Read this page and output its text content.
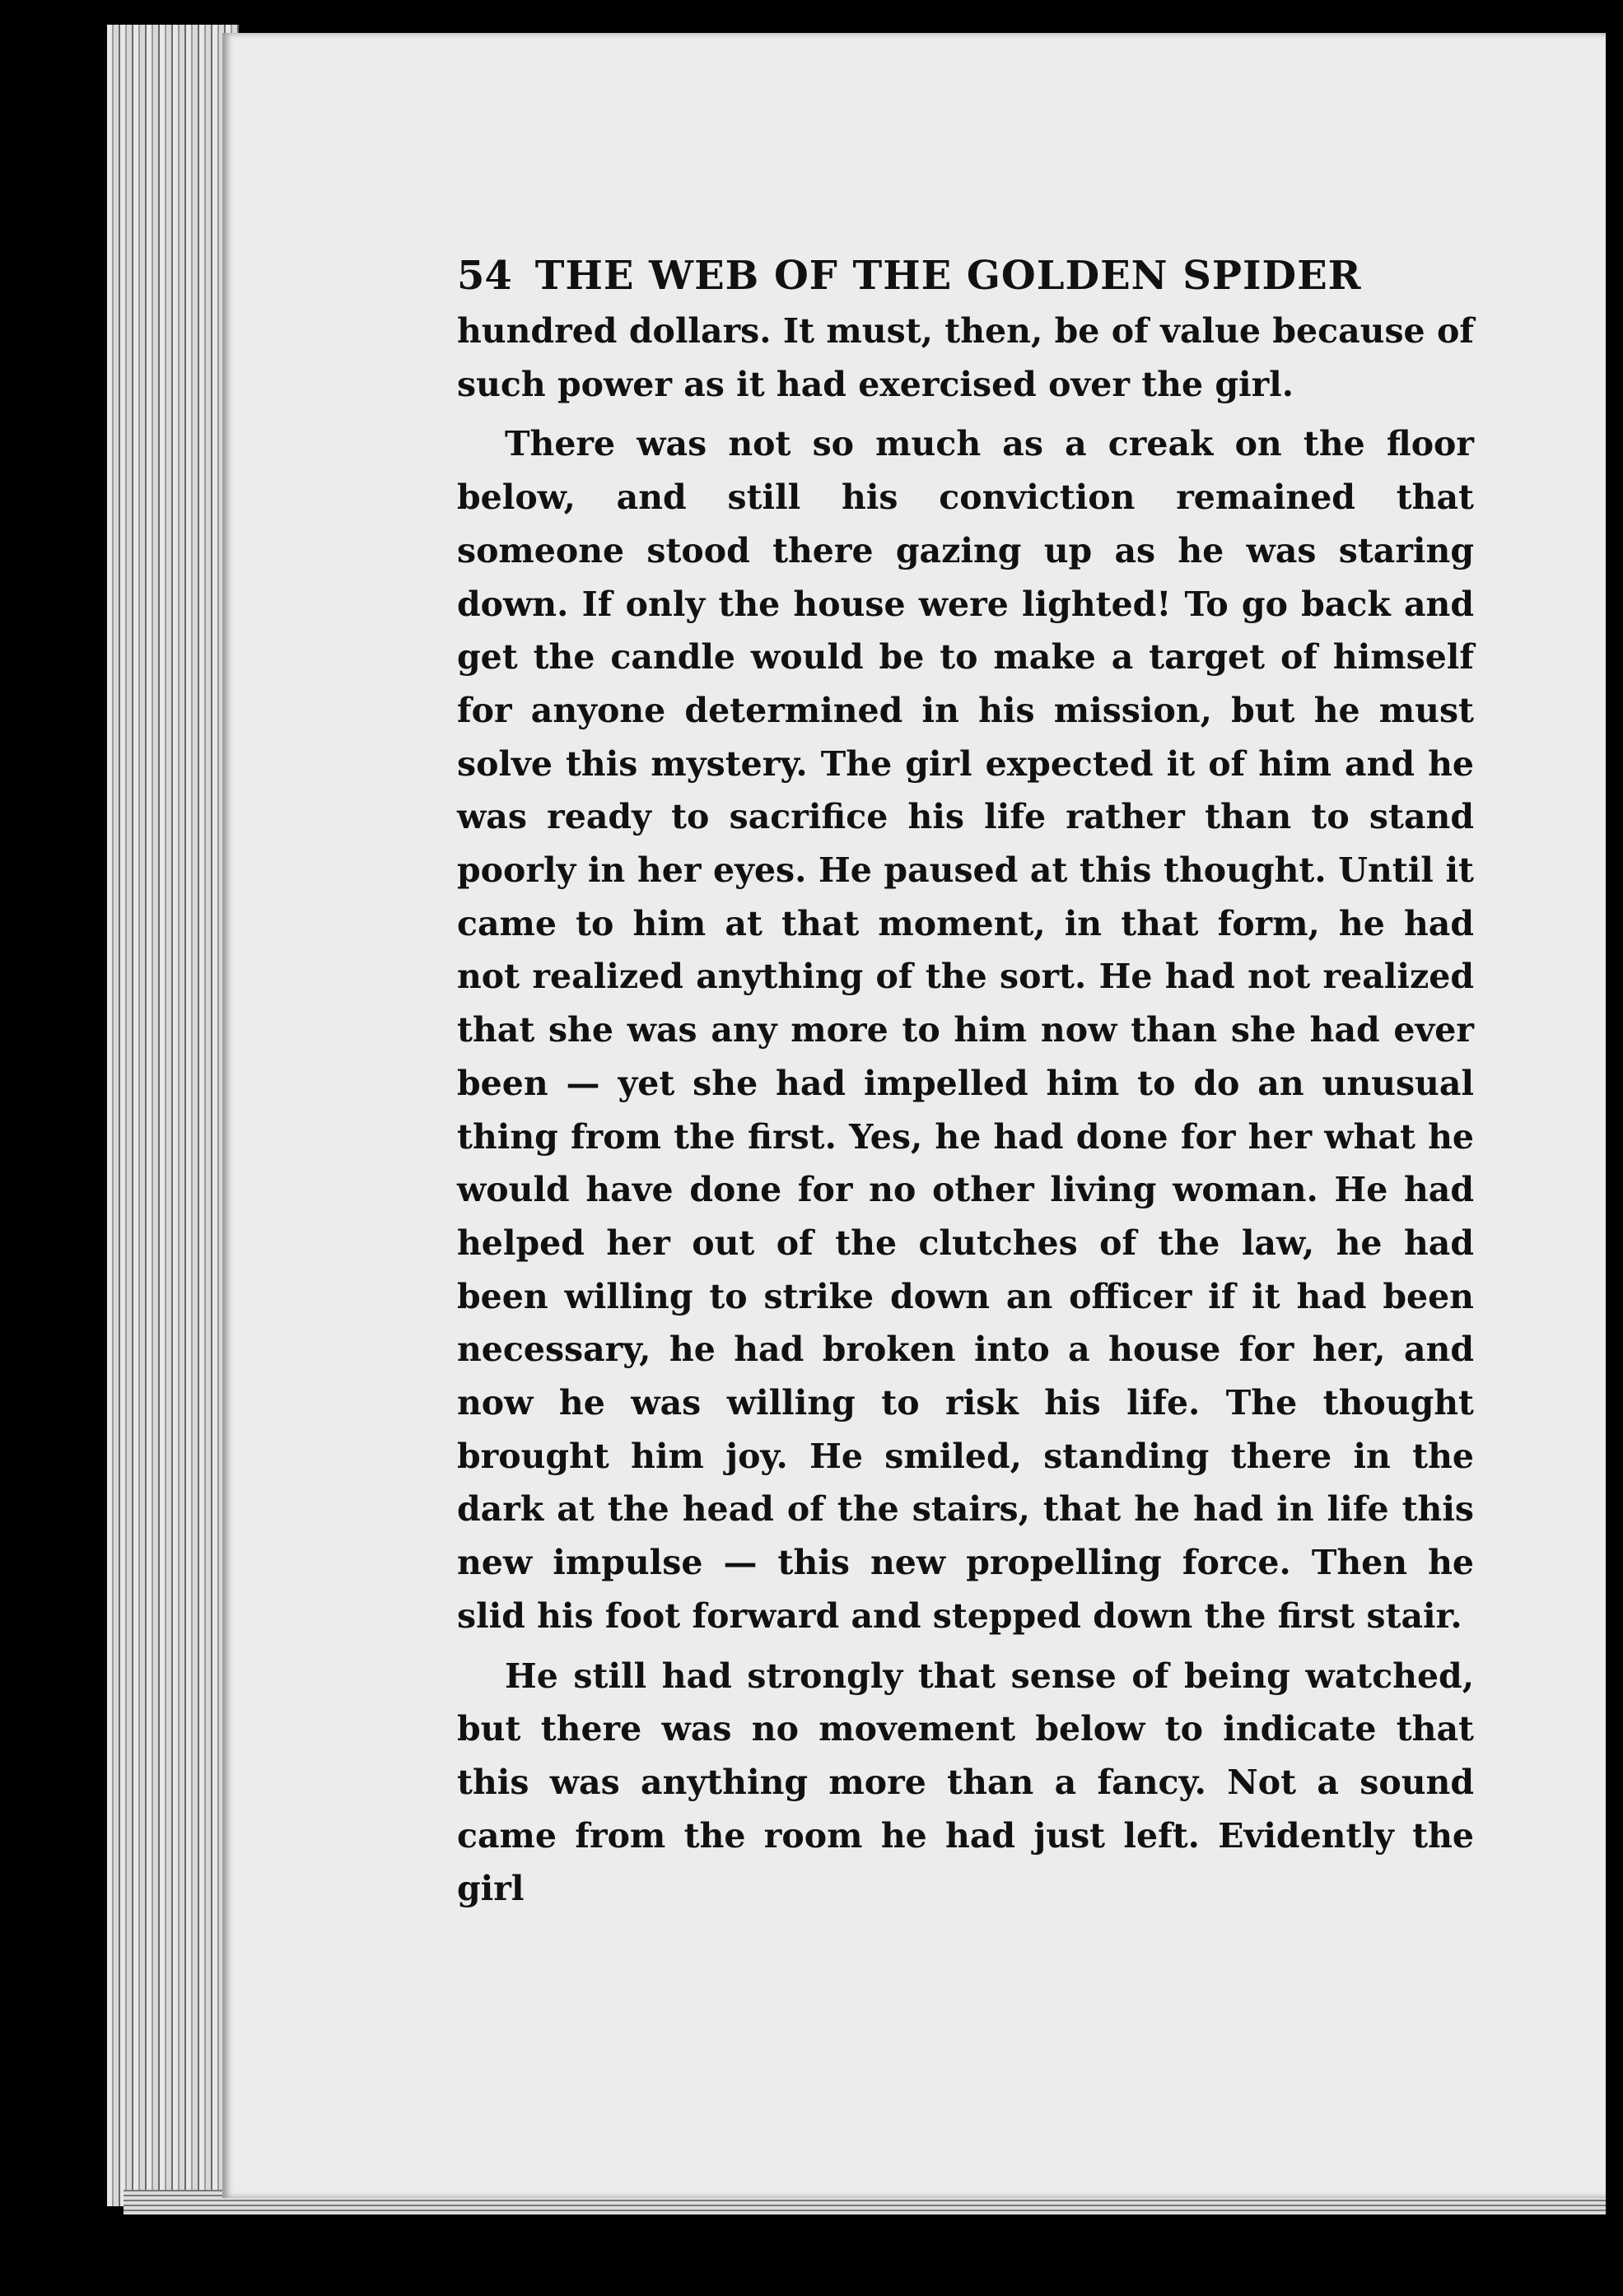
54 THE WEB OF THE GOLDEN SPIDER

hundred dollars. It must, then, be of value because of such power as it had exercised over the girl.

There was not so much as a creak on the floor below, and still his conviction remained that someone stood there gazing up as he was staring down. If only the house were lighted! To go back and get the candle would be to make a target of himself for anyone determined in his mission, but he must solve this mystery. The girl expected it of him and he was ready to sacrifice his life rather than to stand poorly in her eyes. He paused at this thought. Until it came to him at that moment, in that form, he had not realized anything of the sort. He had not realized that she was any more to him now than she had ever been — yet she had impelled him to do an unusual thing from the first. Yes, he had done for her what he would have done for no other living woman. He had helped her out of the clutches of the law, he had been willing to strike down an officer if it had been necessary, he had broken into a house for her, and now he was willing to risk his life. The thought brought him joy. He smiled, standing there in the dark at the head of the stairs, that he had in life this new impulse — this new propelling force. Then he slid his foot forward and stepped down the first stair.

He still had strongly that sense of being watched, but there was no movement below to indicate that this was anything more than a fancy. Not a sound came from the room he had just left. Evidently the girl
